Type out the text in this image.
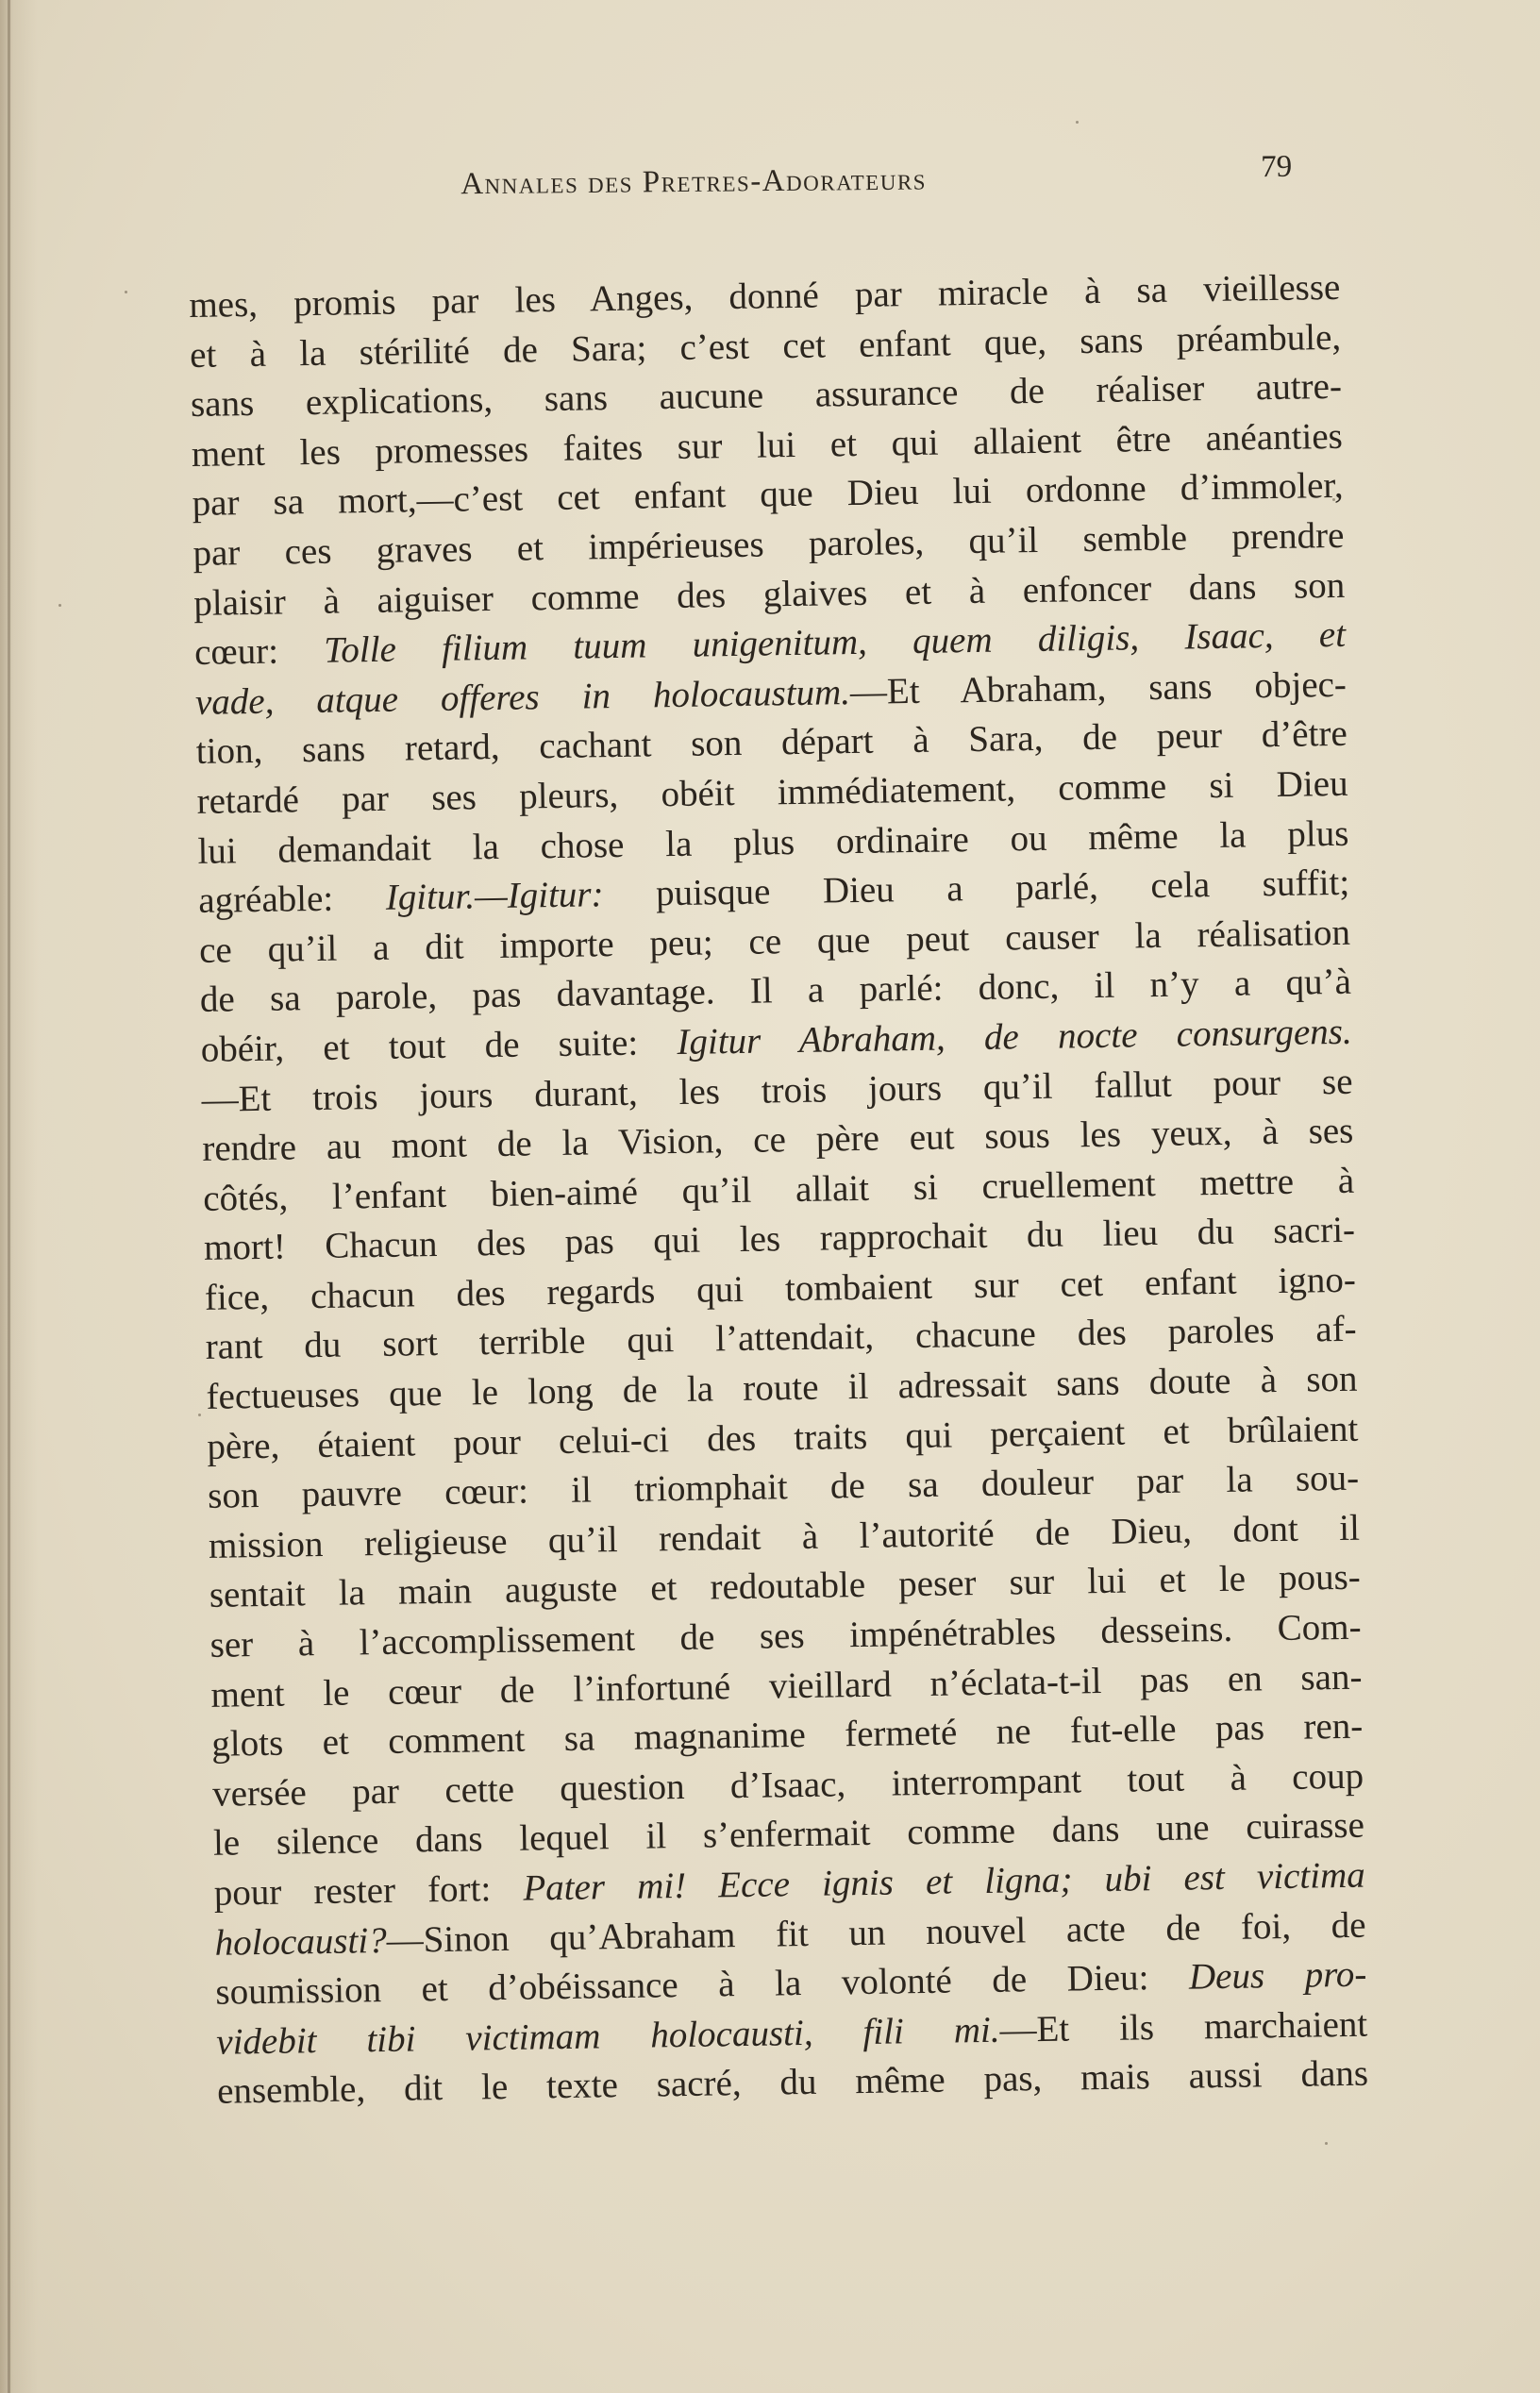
Annales des Pretres-Adorateurs	79
mes, promis par les Anges, donné par miracle à sa vieillesse
et à la stérilité de Sara; c’est cet enfant que, sans préambule,
sans explications, sans aucune assurance de réaliser autre-
ment les promesses faites sur lui et qui allaient être anéanties
par sa mort,—c’est cet enfant que Dieu lui ordonne d’immoler,
par ces graves et impérieuses paroles, qu’il semble prendre
plaisir à aiguiser comme des glaives et à enfoncer dans son
cœur: Tolle filium tuum unigenitum, quem diligis, Isaac, et
vade, atque offeres in holocaustum.—Et Abraham, sans objec-
tion, sans retard, cachant son départ à Sara, de peur d’être
retardé par ses pleurs, obéit immédiatement, comme si Dieu
lui demandait la chose la plus ordinaire ou même la plus
agréable: Igitur.—Igitur: puisque Dieu a parlé, cela suffit;
ce qu’il a dit importe peu; ce que peut causer la réalisation
de sa parole, pas davantage. Il a parlé: donc, il n’y a qu’à
obéir, et tout de suite: Igitur Abraham, de nocte consurgens.
—Et trois jours durant, les trois jours qu’il fallut pour se
rendre au mont de la Vision, ce père eut sous les yeux, à ses
côtés, l’enfant bien-aimé qu’il allait si cruellement mettre à
mort! Chacun des pas qui les rapprochait du lieu du sacri-
fice, chacun des regards qui tombaient sur cet enfant igno-
rant du sort terrible qui l’attendait, chacune des paroles af-
fectueuses que le long de la route il adressait sans doute à son
père, étaient pour celui-ci des traits qui perçaient et brûlaient
son pauvre cœur: il triomphait de sa douleur par la sou-
mission religieuse qu’il rendait à l’autorité de Dieu, dont il
sentait la main auguste et redoutable peser sur lui et le pous-
ser à l’accomplissement de ses impénétrables desseins. Com-
ment le cœur de l’infortuné vieillard n’éclata-t-il pas en san-
glots et comment sa magnanime fermeté ne fut-elle pas ren-
versée par cette question d’Isaac, interrompant tout à coup
le silence dans lequel il s’enfermait comme dans une cuirasse
pour rester fort: Pater mi! Ecce ignis et ligna; ubi est victima
holocausti?—Sinon qu’Abraham fit un nouvel acte de foi, de
soumission et d’obéissance à la volonté de Dieu: Deus pro-
videbit tibi victimam holocausti, fili mi.—Et ils marchaient
ensemble, dit le texte sacré, du même pas, mais aussi dans
